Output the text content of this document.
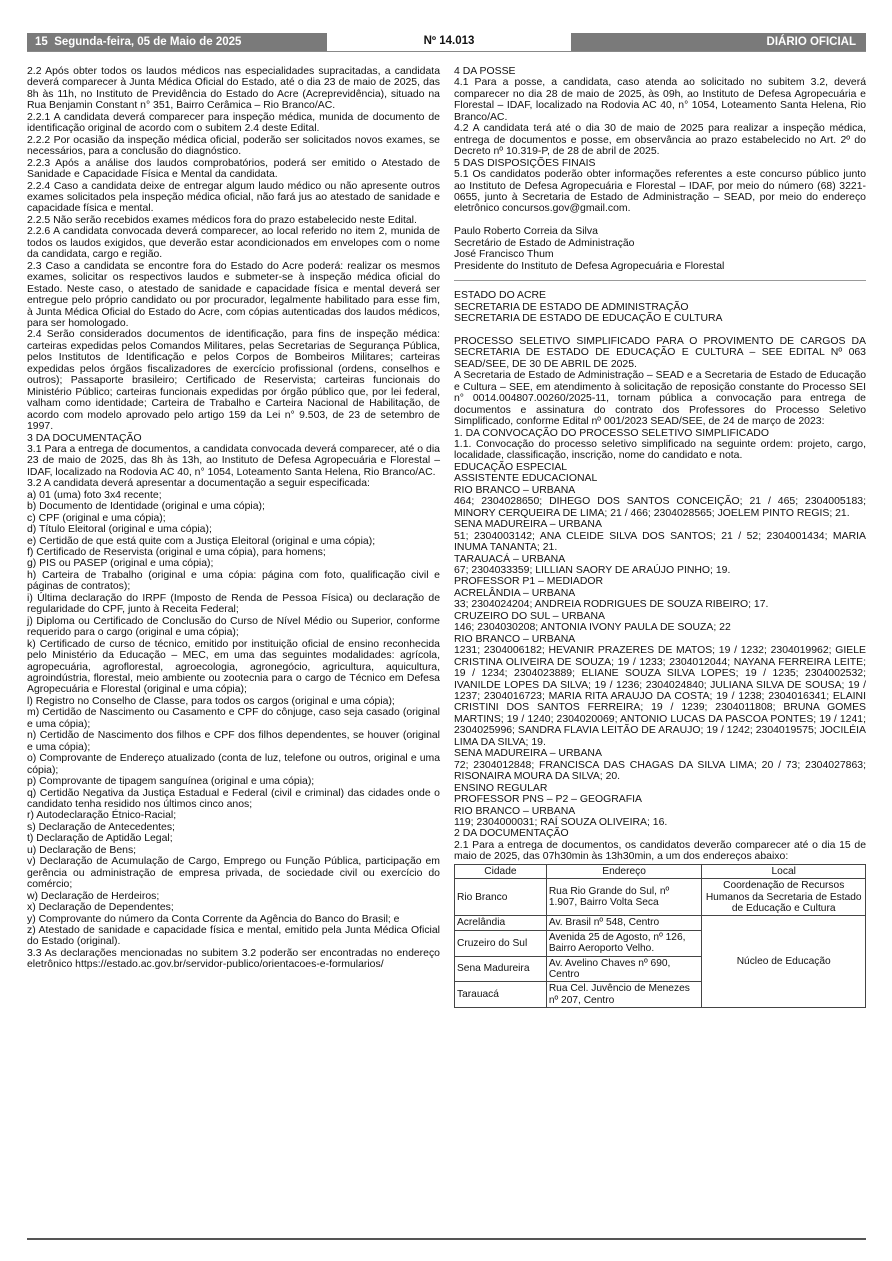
15 Segunda-feira, 05 de Maio de 2025	Nº 14.013	DIÁRIO OFICIAL

2.2 Após obter todos os laudos médicos nas especialidades supracitadas, a candidata deverá comparecer à Junta Médica Oficial do Estado, até o dia 23 de maio de 2025, das 8h às 11h, no Instituto de Previdência do Estado do Acre (Acreprevidência), situado na Rua Benjamin Constant n° 351, Bairro Cerâmica – Rio Branco/AC.

2.2.1 A candidata deverá comparecer para inspeção médica, munida de documento de identificação original de acordo com o subitem 2.4 deste Edital.

2.2.2 Por ocasião da inspeção médica oficial, poderão ser solicitados novos exames, se necessários, para a conclusão do diagnóstico.

2.2.3 Após a análise dos laudos comprobatórios, poderá ser emitido o Atestado de Sanidade e Capacidade Física e Mental da candidata.

2.2.4 Caso a candidata deixe de entregar algum laudo médico ou não apresente outros exames solicitados pela inspeção médica oficial, não fará jus ao atestado de sanidade e capacidade física e mental.

2.2.5 Não serão recebidos exames médicos fora do prazo estabelecido neste Edital.

2.2.6 A candidata convocada deverá comparecer, ao local referido no item 2, munida de todos os laudos exigidos, que deverão estar acondicionados em envelopes com o nome da candidata, cargo e região.

2.3 Caso a candidata se encontre fora do Estado do Acre poderá: realizar os mesmos exames, solicitar os respectivos laudos e submeter-se à inspeção médica oficial do Estado. Neste caso, o atestado de sanidade e capacidade física e mental deverá ser entregue pelo próprio candidato ou por procurador, legalmente habilitado para esse fim, à Junta Médica Oficial do Estado do Acre, com cópias autenticadas dos laudos médicos, para ser homologado.

2.4 Serão considerados documentos de identificação, para fins de inspeção médica: carteiras expedidas pelos Comandos Militares, pelas Secretarias de Segurança Pública, pelos Institutos de Identificação e pelos Corpos de Bombeiros Militares; carteiras expedidas pelos órgãos fiscalizadores de exercício profissional (ordens, conselhos e outros); Passaporte brasileiro; Certificado de Reservista; carteiras funcionais do Ministério Público; carteiras funcionais expedidas por órgão público que, por lei federal, valham como identidade; Carteira de Trabalho e Carteira Nacional de Habilitação, de acordo com modelo aprovado pelo artigo 159 da Lei n° 9.503, de 23 de setembro de 1997.

3 DA DOCUMENTAÇÃO

3.1 Para a entrega de documentos, a candidata convocada deverá comparecer, até o dia 23 de maio de 2025, das 8h às 13h, ao Instituto de Defesa Agropecuária e Florestal – IDAF, localizado na Rodovia AC 40, n° 1054, Loteamento Santa Helena, Rio Branco/AC.

3.2 A candidata deverá apresentar a documentação a seguir especificada:

a) 01 (uma) foto 3x4 recente;

b) Documento de Identidade (original e uma cópia);

c) CPF (original e uma cópia);

d) Título Eleitoral (original e uma cópia);

e) Certidão de que está quite com a Justiça Eleitoral (original e uma cópia);

f) Certificado de Reservista (original e uma cópia), para homens;

g) PIS ou PASEP (original e uma cópia);

h) Carteira de Trabalho (original e uma cópia: página com foto, qualificação civil e páginas de contratos);

i) Última declaração do IRPF (Imposto de Renda de Pessoa Física) ou declaração de regularidade do CPF, junto à Receita Federal;

j) Diploma ou Certificado de Conclusão do Curso de Nível Médio ou Superior, conforme requerido para o cargo (original e uma cópia);

k) Certificado de curso de técnico, emitido por instituição oficial de ensino reconhecida pelo Ministério da Educação – MEC, em uma das seguintes modalidades: agrícola, agropecuária, agroflorestal, agroecologia, agronegócio, agricultura, aquicultura, agroindústria, florestal, meio ambiente ou zootecnia para o cargo de Técnico em Defesa Agropecuária e Florestal (original e uma cópia);

l) Registro no Conselho de Classe, para todos os cargos (original e uma cópia);

m) Certidão de Nascimento ou Casamento e CPF do cônjuge, caso seja casado (original e uma cópia);

n) Certidão de Nascimento dos filhos e CPF dos filhos dependentes, se houver (original e uma cópia);

o) Comprovante de Endereço atualizado (conta de luz, telefone ou outros, original e uma cópia);

p) Comprovante de tipagem sanguínea (original e uma cópia);

q) Certidão Negativa da Justiça Estadual e Federal (civil e criminal) das cidades onde o candidato tenha residido nos últimos cinco anos;

r) Autodeclaração Étnico-Racial;

s) Declaração de Antecedentes;

t) Declaração de Aptidão Legal;

u) Declaração de Bens;

v) Declaração de Acumulação de Cargo, Emprego ou Função Pública, participação em gerência ou administração de empresa privada, de sociedade civil ou exercício do comércio;

w) Declaração de Herdeiros;

x) Declaração de Dependentes;

y) Comprovante do número da Conta Corrente da Agência do Banco do Brasil; e

z) Atestado de sanidade e capacidade física e mental, emitido pela Junta Médica Oficial do Estado (original).

3.3 As declarações mencionadas no subitem 3.2 poderão ser encontradas no endereço eletrônico https://estado.ac.gov.br/servidor-publico/orientacoes-e-formularios/

4 DA POSSE

4.1 Para a posse, a candidata, caso atenda ao solicitado no subitem 3.2, deverá comparecer no dia 28 de maio de 2025, às 09h, ao Instituto de Defesa Agropecuária e Florestal – IDAF, localizado na Rodovia AC 40, n° 1054, Loteamento Santa Helena, Rio Branco/AC.

4.2 A candidata terá até o dia 30 de maio de 2025 para realizar a inspeção médica, entrega de documentos e posse, em observância ao prazo estabelecido no Art. 2º do Decreto nº 10.319-P, de 28 de abril de 2025.

5 DAS DISPOSIÇÕES FINAIS

5.1 Os candidatos poderão obter informações referentes a este concurso público junto ao Instituto de Defesa Agropecuária e Florestal – IDAF, por meio do número (68) 3221-0655, junto à Secretaria de Estado de Administração – SEAD, por meio do endereço eletrônico concursos.gov@gmail.com.

Paulo Roberto Correia da Silva

Secretário de Estado de Administração

José Francisco Thum

Presidente do Instituto de Defesa Agropecuária e Florestal

ESTADO DO ACRE

SECRETARIA DE ESTADO DE ADMINISTRAÇÃO

SECRETARIA DE ESTADO DE EDUCAÇÃO E CULTURA

PROCESSO SELETIVO SIMPLIFICADO PARA O PROVIMENTO DE CARGOS DA SECRETARIA DE ESTADO DE EDUCAÇÃO E CULTURA – SEE EDITAL Nº 063 SEAD/SEE, DE 30 DE ABRIL DE 2025.

A Secretaria de Estado de Administração – SEAD e a Secretaria de Estado de Educação e Cultura – SEE, em atendimento à solicitação de reposição constante do Processo SEI n° 0014.004807.00260/2025-11, tornam pública a convocação para entrega de documentos e assinatura do contrato dos Professores do Processo Seletivo Simplificado, conforme Edital nº 001/2023 SEAD/SEE, de 24 de março de 2023:

1. DA CONVOCAÇÃO DO PROCESSO SELETIVO SIMPLIFICADO

1.1. Convocação do processo seletivo simplificado na seguinte ordem: projeto, cargo, localidade, classificação, inscrição, nome do candidato e nota.

EDUCAÇÃO ESPECIAL

ASSISTENTE EDUCACIONAL

RIO BRANCO – URBANA

464; 2304028650; DIHEGO DOS SANTOS CONCEIÇÃO; 21 / 465; 2304005183; MINORY CERQUEIRA DE LIMA; 21 / 466; 2304028565; JOELEM PINTO REGIS; 21.

SENA MADUREIRA – URBANA

51; 2304003142; ANA CLEIDE SILVA DOS SANTOS; 21 / 52; 2304001434; MARIA INUMA TANANTA; 21.

TARAUACÁ – URBANA

67; 2304033359; LILLIAN SAORY DE ARAÚJO PINHO; 19.

PROFESSOR P1 – MEDIADOR

ACRELÂNDIA – URBANA

33; 2304024204; ANDREIA RODRIGUES DE SOUZA RIBEIRO; 17.

CRUZEIRO DO SUL – URBANA

146; 2304030208; ANTONIA IVONY PAULA DE SOUZA; 22

RIO BRANCO – URBANA

1231; 2304006182; HEVANIR PRAZERES DE MATOS; 19 / 1232; 2304019962; GIELE CRISTINA OLIVEIRA DE SOUZA; 19 / 1233; 2304012044; NAYANA FERREIRA LEITE; 19 / 1234; 2304023889; ELIANE SOUZA SILVA LOPES; 19 / 1235; 2304002532; IVANILDE LOPES DA SILVA; 19 / 1236; 2304024840; JULIANA SILVA DE SOUSA; 19 / 1237; 2304016723; MARIA RITA ARAUJO DA COSTA; 19 / 1238; 2304016341; ELAINI CRISTINI DOS SANTOS FERREIRA; 19 / 1239; 2304011808; BRUNA GOMES MARTINS; 19 / 1240; 2304020069; ANTONIO LUCAS DA PASCOA PONTES; 19 / 1241; 2304025996; SANDRA FLAVIA LEITÃO DE ARAUJO; 19 / 1242; 2304019575; JOCILÉIA LIMA DA SILVA; 19.

SENA MADUREIRA – URBANA

72; 2304012848; FRANCISCA DAS CHAGAS DA SILVA LIMA; 20 / 73; 2304027863; RISONAIRA MOURA DA SILVA; 20.

ENSINO REGULAR

PROFESSOR PNS – P2 – GEOGRAFIA

RIO BRANCO – URBANA

119; 2304000031; RAÍ SOUZA OLIVEIRA; 16.

2 DA DOCUMENTAÇÃO

2.1 Para a entrega de documentos, os candidatos deverão comparecer até o dia 15 de maio de 2025, das 07h30min às 13h30min, a um dos endereços abaixo:

Cidade	Endereço	Local
Rio Branco	Rua Rio Grande do Sul, nº 1.907, Bairro Volta Seca	Coordenação de Recursos Humanos da Secretaria de Estado de Educação e Cultura
Acrelândia	Av. Brasil nº 548, Centro	Núcleo de Educação
Cruzeiro do Sul	Avenida 25 de Agosto, nº 126, Bairro Aeroporto Velho.	
Sena Madureira	Av. Avelino Chaves nº 690, Centro	
Tarauacá	Rua Cel. Juvêncio de Menezes nº 207, Centro	
